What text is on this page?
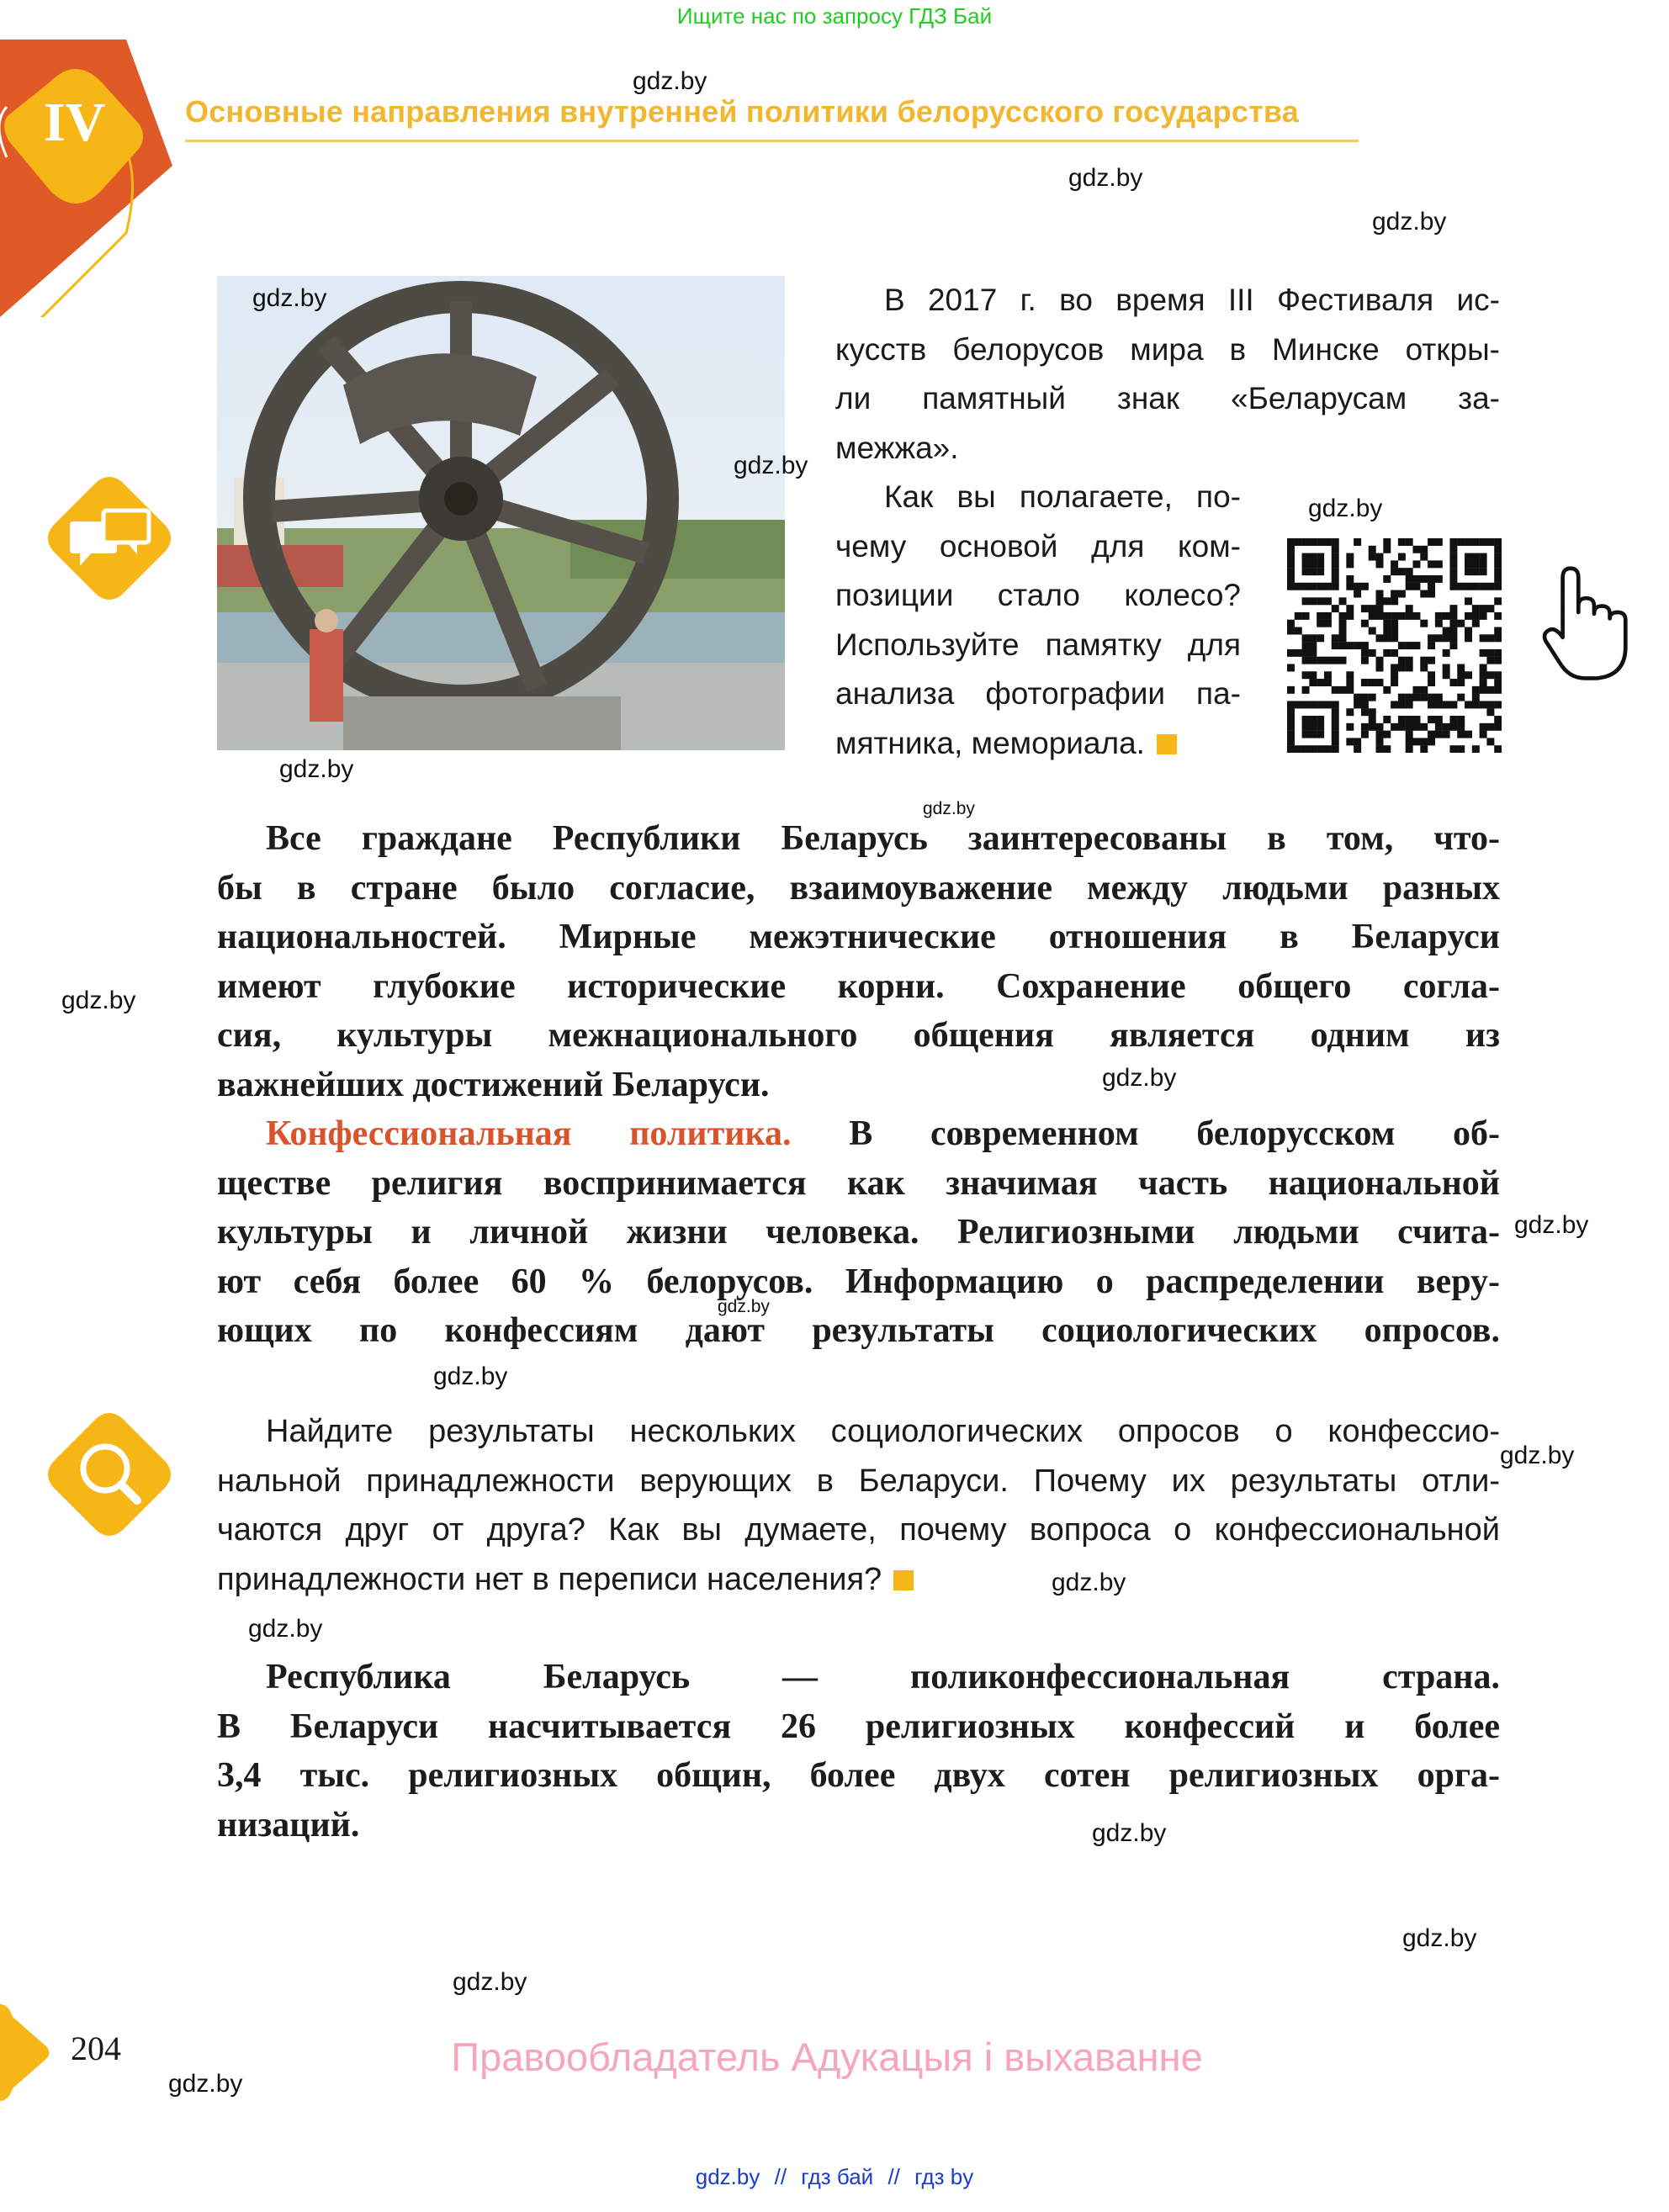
Ищите нас по запросу ГДЗ Бай
IV	Основные направления внутренней политики белорусского государства
В 2017 г. во время III Фестиваля ис-
кусств белорусов мира в Минске откры-
ли памятный знак «Беларусам за-
межжа».
Как вы полагаете, по-
чему основой для ком-
позиции стало колесо?
Используйте памятку для
анализа фотографии па-
мятника, мемориала.
Все граждане Республики Беларусь заинтересованы в том, что-
бы в стране было согласие, взаимоуважение между людьми разных
национальностей. Мирные межэтнические отношения в Беларуси
имеют глубокие исторические корни. Сохранение общего согла-
сия, культуры межнационального общения является одним из
важнейших достижений Беларуси.
Конфессиональная политика. В современном белорусском об-
ществе религия воспринимается как значимая часть национальной
культуры и личной жизни человека. Религиозными людьми счита-
ют себя более 60 % белорусов. Информацию о распределении веру-
ющих по конфессиям дают результаты социологических опросов.
Найдите результаты нескольких социологических опросов о конфессио-
нальной принадлежности верующих в Беларуси. Почему их результаты отли-
чаются друг от друга? Как вы думаете, почему вопроса о конфессиональной
принадлежности нет в переписи населения?
Республика Беларусь — поликонфессиональная страна.
В Беларуси насчитывается 26 религиозных конфессий и более
3,4 тыс. религиозных общин, более двух сотен религиозных орга-
низаций.
204	Правообладатель Адукацыя і выхаванне
gdz.by // гдз бай // гдз by
gdz.by
gdz.by
gdz.by
gdz.by
gdz.by
gdz.by
gdz.by
gdz.by
gdz.by
gdz.by
gdz.by
gdz.by
gdz.by
gdz.by
gdz.by
gdz.by
gdz.by
gdz.by
gdz.by
gdz.by
